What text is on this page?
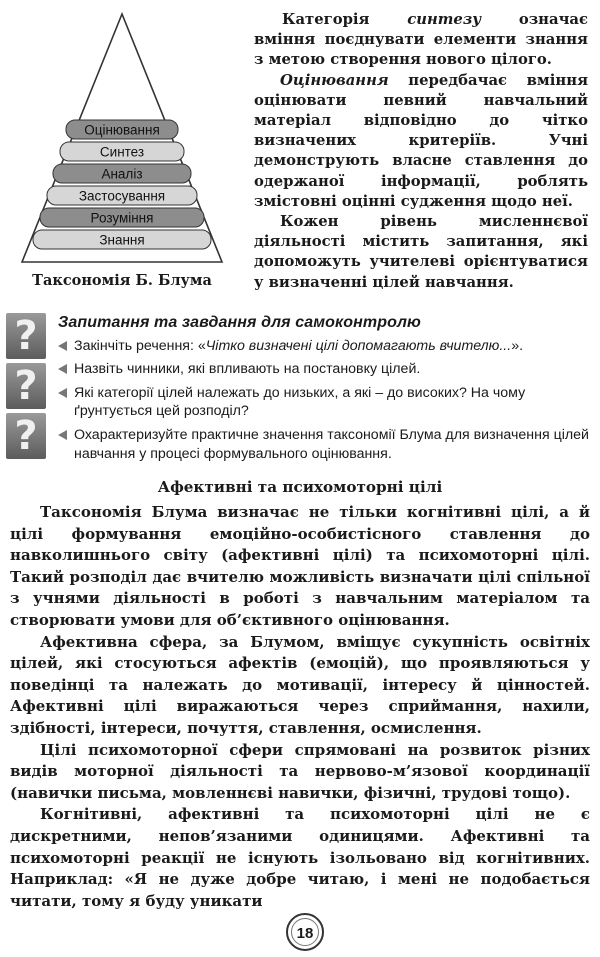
Оцінювання
Синтез
Аналіз
Застосування
Розуміння
Знання
Таксономія Б. Блума

Категорія синтезу означає вміння поєднувати елементи знання з метою створення нового цілого.

Оцінювання передбачає вміння оцінювати певний навчальний матеріал відповідно до чітко визначених критеріїв. Учні демонструють власне ставлення до одержаної інформації, роблять змістовні оцінні судження щодо неї.

Кожен рівень мисленнєвої діяльності містить запитання, які допоможуть учителеві орієнтуватися у визначенні цілей навчання.

?
?
?
Запитання та завдання для самоконтролю
Закінчіть речення: «Чітко визначені цілі допомагають вчителю...».
Назвіть чинники, які впливають на постановку цілей.
Які категорії цілей належать до низьких, а які – до високих? На чому ґрунтується цей розподіл?
Охарактеризуйте практичне значення таксономії Блума для визначення цілей навчання у процесі формувального оцінювання.
Афективні та психомоторні цілі

Таксономія Блума визначає не тільки когнітивні цілі, а й цілі формування емоційно-особистісного ставлення до навколишнього світу (афективні цілі) та психомоторні цілі. Такий розподіл дає вчителю можливість визначати цілі спільної з учнями діяльності в роботі з навчальним матеріалом та створювати умови для об’єктивного оцінювання.

Афективна сфера, за Блумом, вміщує сукупність освітніх цілей, які стосуються афектів (емоцій), що проявляються у поведінці та належать до мотивації, інтересу й цінностей. Афективні цілі виражаються через сприймання, нахили, здібності, інтереси, почуття, ставлення, осмислення.

Цілі психомоторної сфери спрямовані на розвиток різних видів моторної діяльності та нервово-м’язової координації (навички письма, мовленнєві навички, фізичні, трудові тощо).

Когнітивні, афективні та психомоторні цілі не є дискретними, непов’язаними одиницями. Афективні та психомоторні реакції не існують ізольовано від когнітивних. Наприклад: «Я не дуже добре читаю, і мені не подобається читати, тому я буду уникати

18
